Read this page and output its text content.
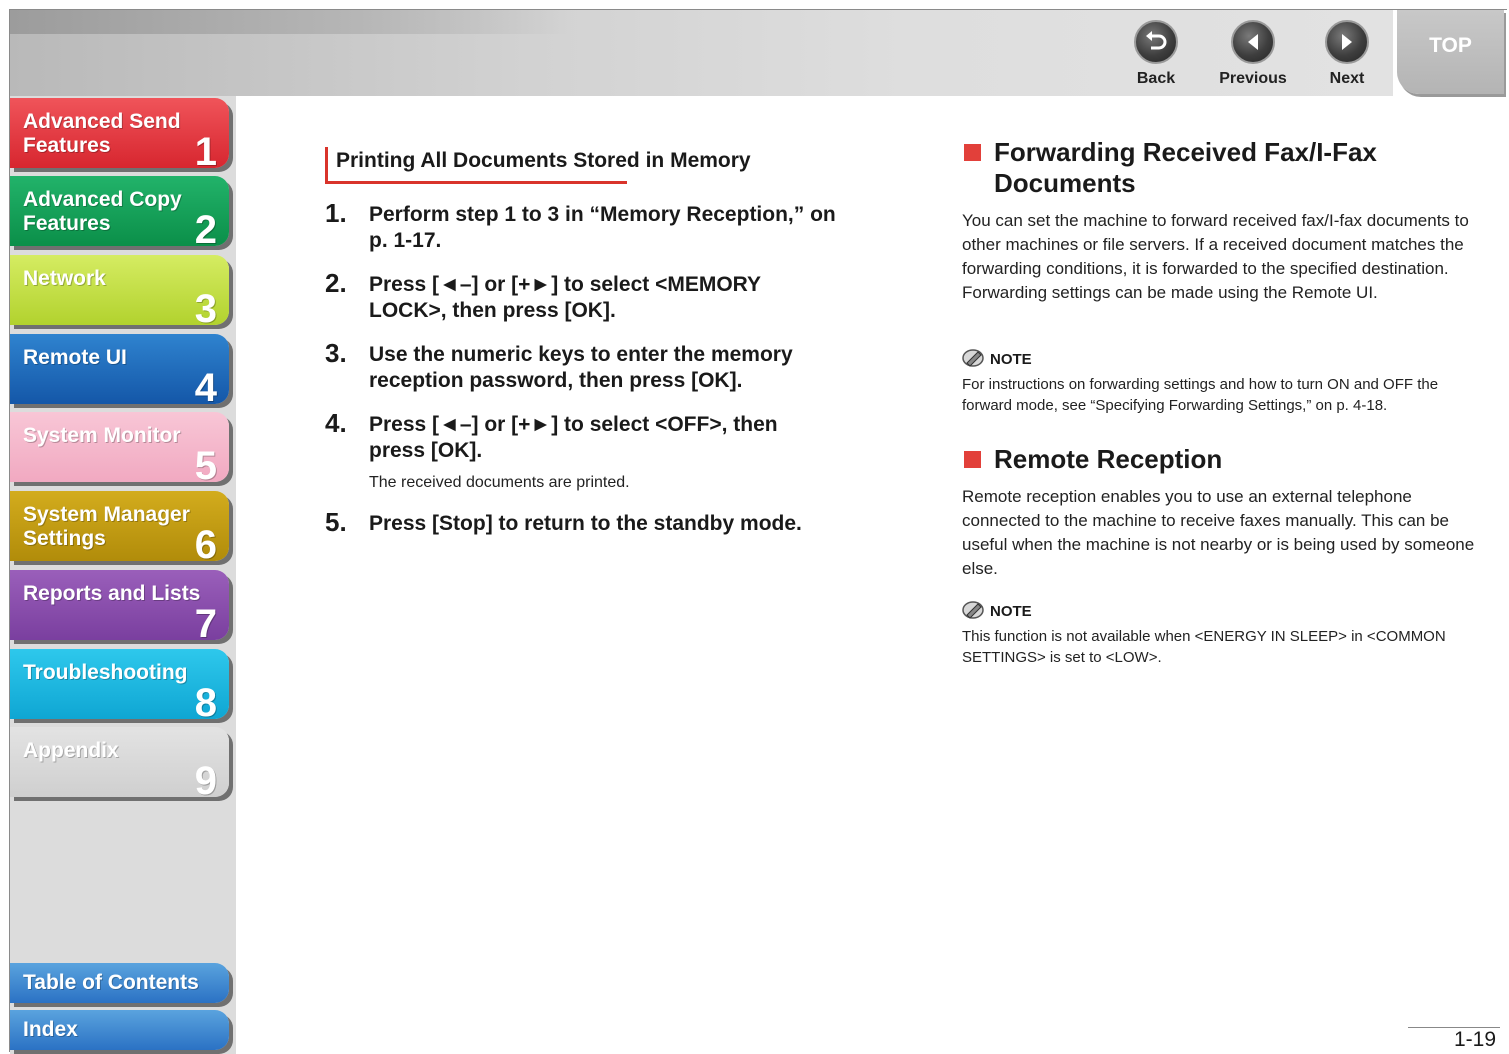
Back	Previous	Next
TOP
Advanced Send Features	1
Advanced Copy Features	2
Network
3
Remote UI
4
System Monitor
5
System Manager Settings	6
Reports and Lists
7
Troubleshooting
8
Appendix
9
Table of Contents
Index
Printing All Documents Stored in Memory
1. Perform step 1 to 3 in “Memory Reception,” on p. 1-17.
2. Press [◄–] or [+►] to select <MEMORY LOCK>, then press [OK].
3. Use the numeric keys to enter the memory reception password, then press [OK].
4. Press [◄–] or [+►] to select <OFF>, then press [OK].
The received documents are printed.
5. Press [Stop] to return to the standby mode.
Forwarding Received Fax/I-Fax Documents
You can set the machine to forward received fax/I-fax documents to other machines or file servers. If a received document matches the forwarding conditions, it is forwarded to the specified destination. Forwarding settings can be made using the Remote UI.
NOTE
For instructions on forwarding settings and how to turn ON and OFF the forward mode, see “Specifying Forwarding Settings,” on p. 4-18.
Remote Reception
Remote reception enables you to use an external telephone connected to the machine to receive faxes manually. This can be useful when the machine is not nearby or is being used by someone else.
NOTE
This function is not available when <ENERGY IN SLEEP> in <COMMON SETTINGS> is set to <LOW>.
1-19
